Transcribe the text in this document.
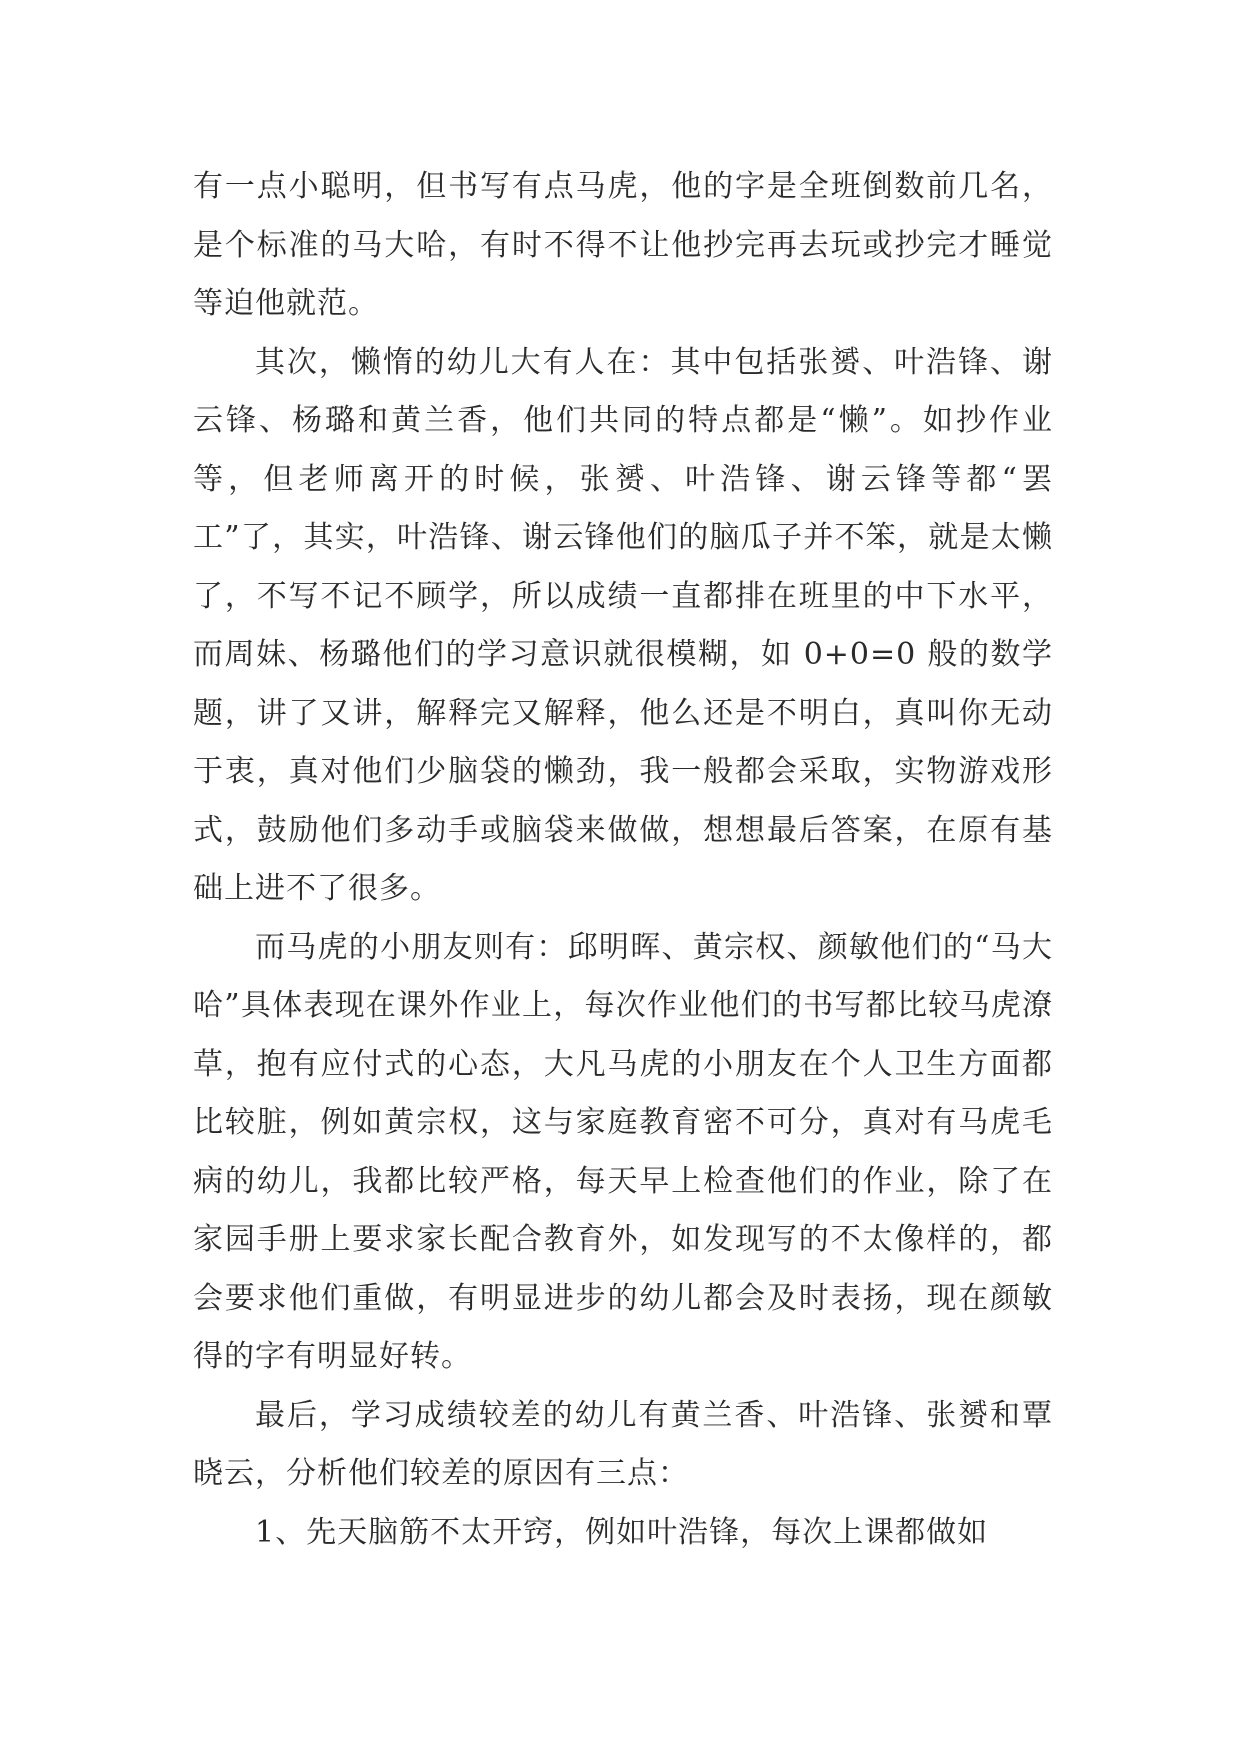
有一点小聪明，但书写有点马虎，他的字是全班倒数前几名，是个标准的马大哈，有时不得不让他抄完再去玩或抄完才睡觉等迫他就范。

其次，懒惰的幼儿大有人在：其中包括张赟、叶浩锋、谢云锋、杨璐和黄兰香，他们共同的特点都是“懒”。如抄作业等，但老师离开的时候，张赟、叶浩锋、谢云锋等都“罢工”了，其实，叶浩锋、谢云锋他们的脑瓜子并不笨，就是太懒了，不写不记不顾学，所以成绩一直都排在班里的中下水平，而周妹、杨璐他们的学习意识就很模糊，如 0+0=0 般的数学题，讲了又讲，解释完又解释，他么还是不明白，真叫你无动于衷，真对他们少脑袋的懒劲，我一般都会采取，实物游戏形式，鼓励他们多动手或脑袋来做做，想想最后答案，在原有基础上进不了很多。

而马虎的小朋友则有：邱明晖、黄宗权、颜敏他们的“马大哈”具体表现在课外作业上，每次作业他们的书写都比较马虎潦草，抱有应付式的心态，大凡马虎的小朋友在个人卫生方面都比较脏，例如黄宗权，这与家庭教育密不可分，真对有马虎毛病的幼儿，我都比较严格，每天早上检查他们的作业，除了在家园手册上要求家长配合教育外，如发现写的不太像样的，都会要求他们重做，有明显进步的幼儿都会及时表扬，现在颜敏得的字有明显好转。

最后，学习成绩较差的幼儿有黄兰香、叶浩锋、张赟和覃晓云，分析他们较差的原因有三点：

1、先天脑筋不太开窍，例如叶浩锋，每次上课都做如
